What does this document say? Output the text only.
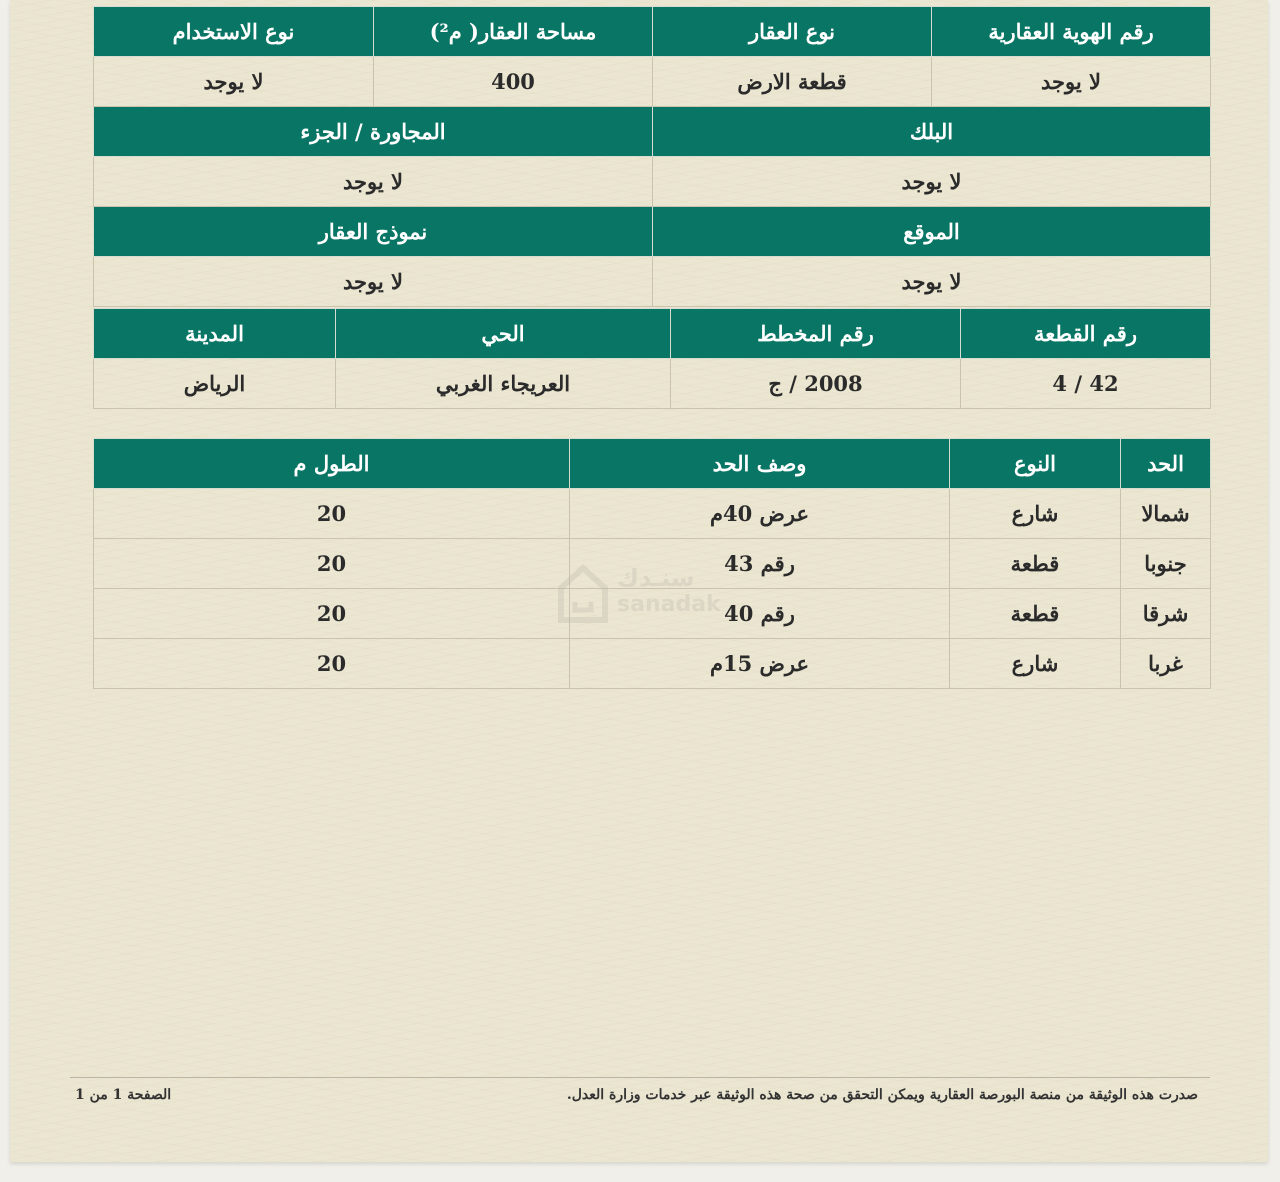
رقم الهوية العقارية	نوع العقار	مساحة العقار( م²)	نوع الاستخدام
لا يوجد	قطعة الارض	400	لا يوجد
البلك		المجاورة / الجزء	
لا يوجد		لا يوجد	
الموقع		نموذج العقار	
لا يوجد		لا يوجد	
رقم القطعة	رقم المخطط	الحي	المدينة
42 / 4	2008 / ج	العريجاء الغربي	الرياض
الحد	النوع	وصف الحد	الطول م
شمالا	شارع	عرض 40م	20
جنوبا	قطعة	رقم 43	20
شرقا	قطعة	رقم 40	20
غربا	شارع	عرض 15م	20
سنـدك
sanadak
صدرت هذه الوثيقة من منصة البورصة العقارية ويمكن التحقق من صحة هذه الوثيقة عبر خدمات وزارة العدل.
الصفحة 1 من 1
